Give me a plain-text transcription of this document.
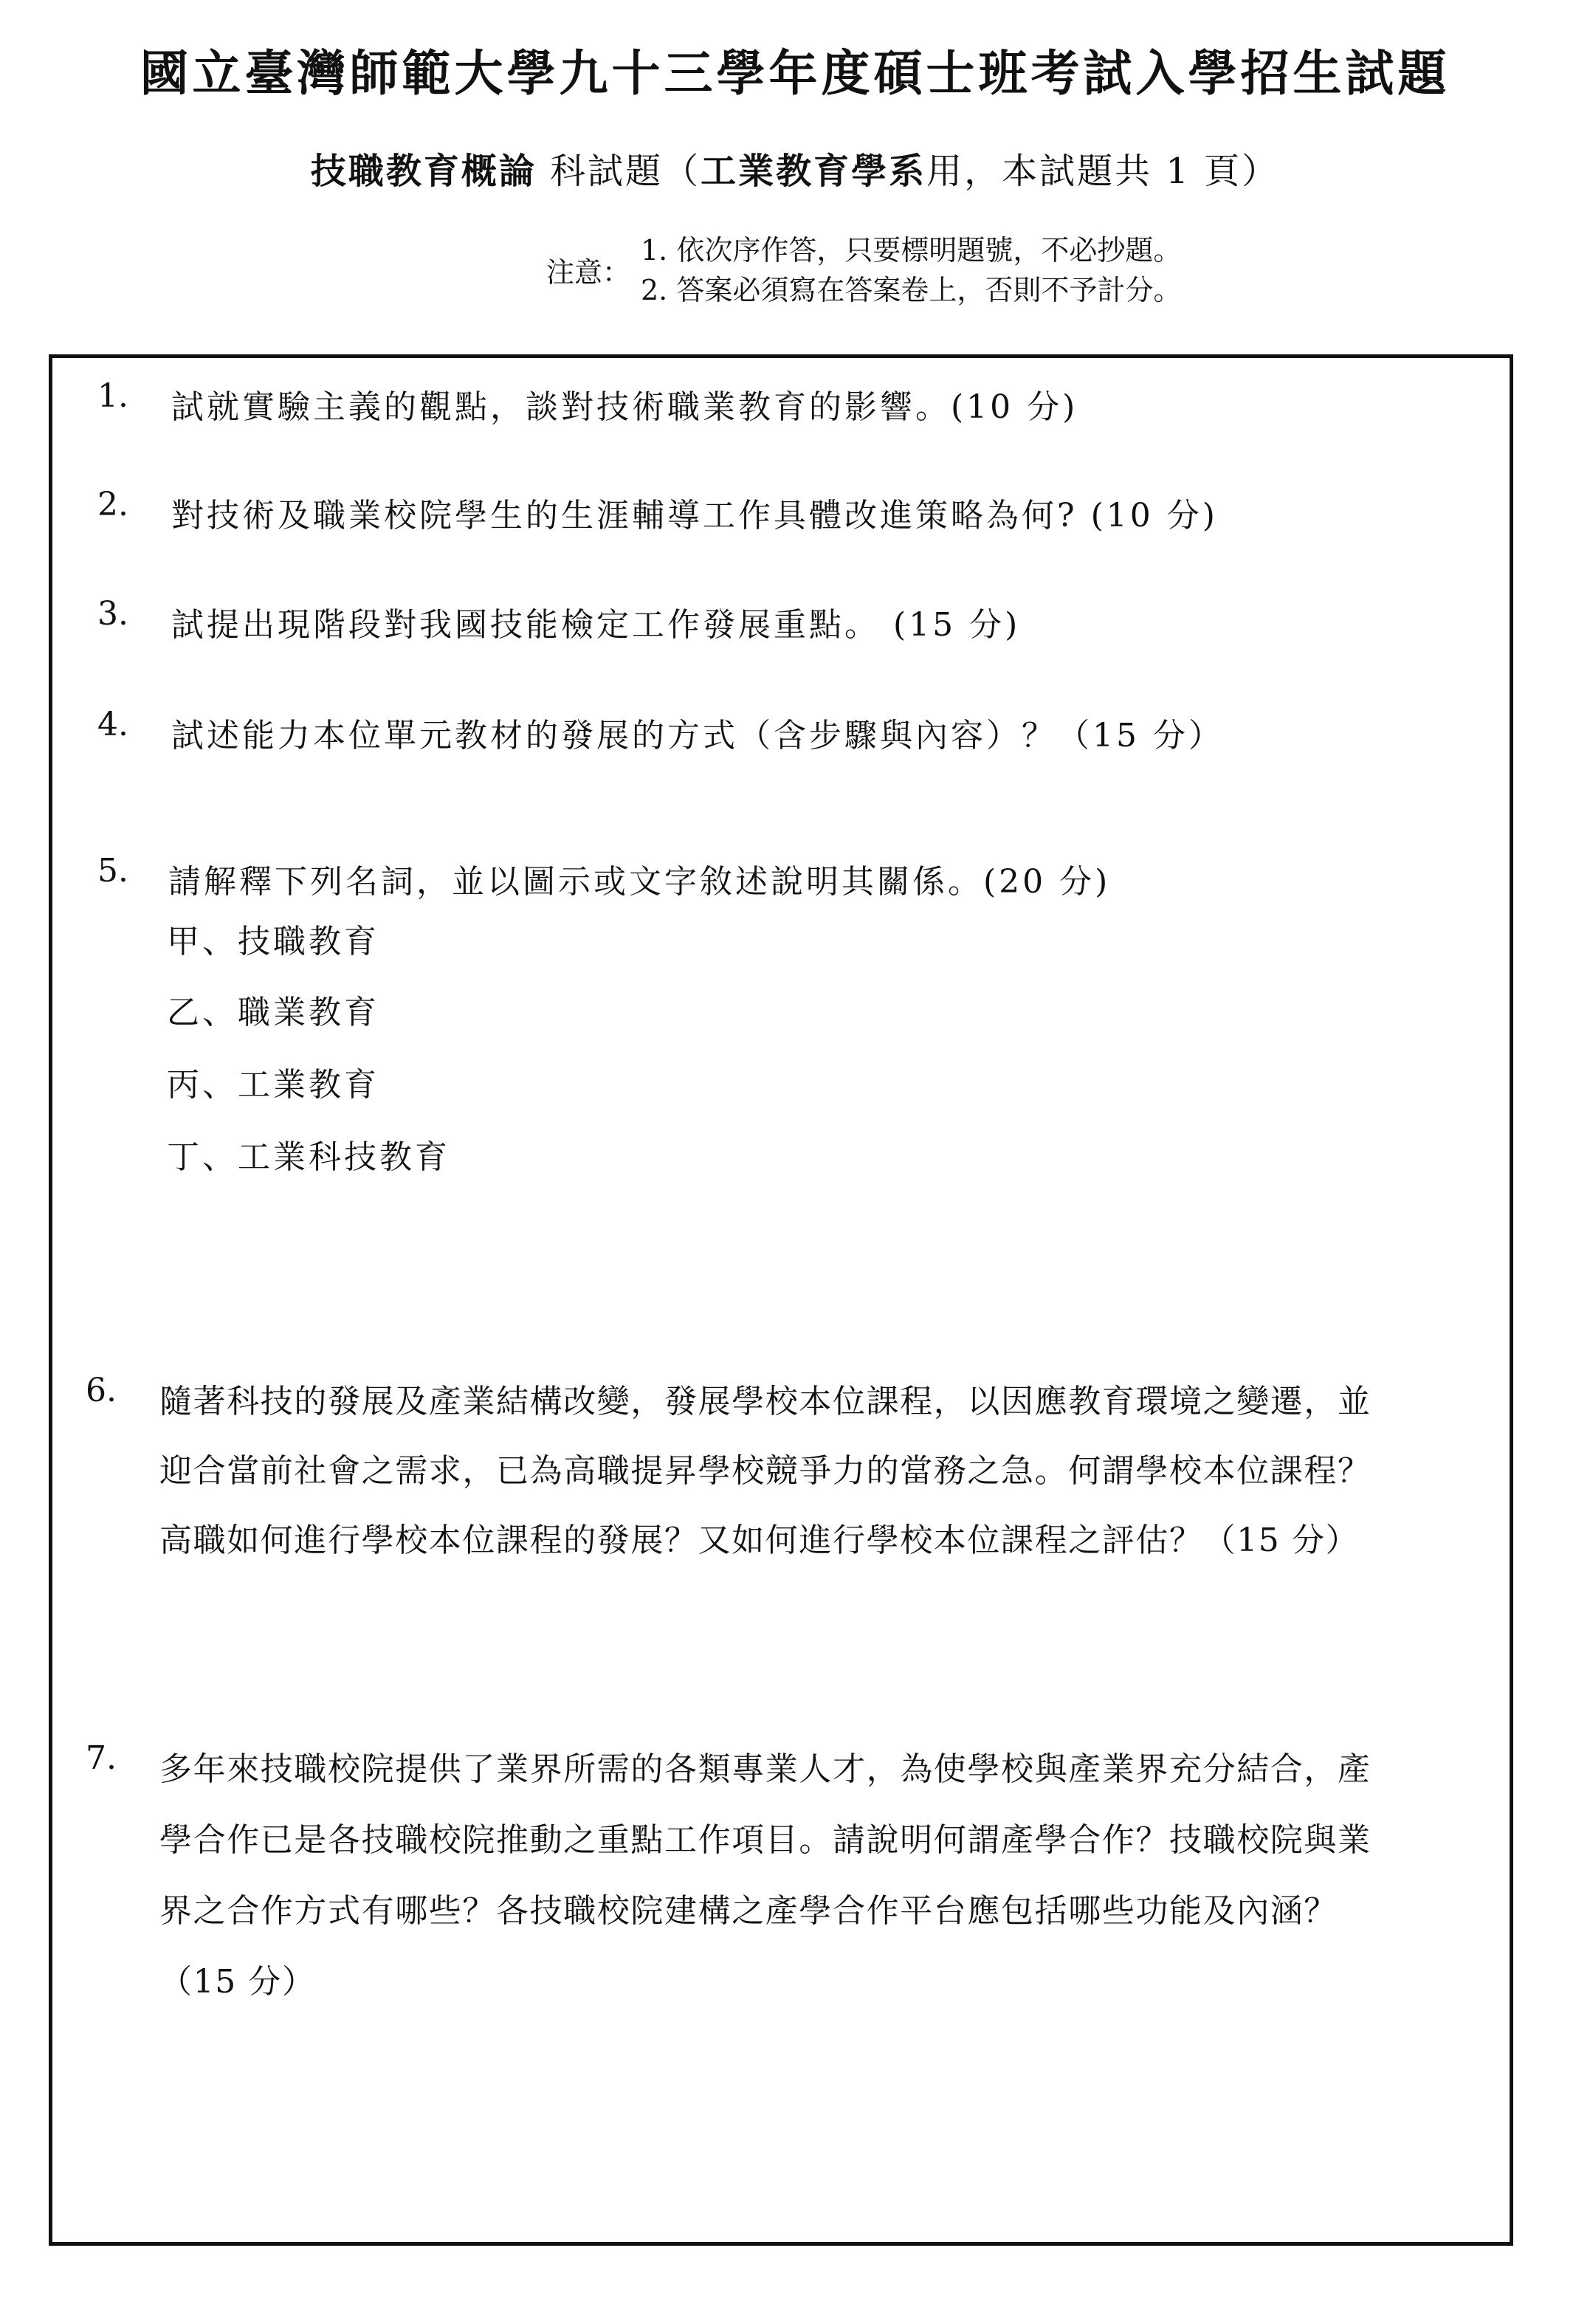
國立臺灣師範大學九十三學年度碩士班考試入學招生試題
技職教育概論 科試題（工業教育學系用，本試題共 1 頁）
注意：
1. 依次序作答，只要標明題號，不必抄題。
2. 答案必須寫在答案卷上，否則不予計分。
1. 試就實驗主義的觀點，談對技術職業教育的影響。(10 分)
2. 對技術及職業校院學生的生涯輔導工作具體改進策略為何? (10 分)
3. 試提出現階段對我國技能檢定工作發展重點。 (15 分)
4. 試述能力本位單元教材的發展的方式（含步驟與內容）？（15 分）
5. 請解釋下列名詞，並以圖示或文字敘述說明其關係。(20 分)
甲、技職教育
乙、職業教育
丙、工業教育
丁、工業科技教育
6. 隨著科技的發展及產業結構改變，發展學校本位課程，以因應教育環境之變遷，並
迎合當前社會之需求，已為高職提昇學校競爭力的當務之急。何謂學校本位課程？
高職如何進行學校本位課程的發展？又如何進行學校本位課程之評估？（15 分）
7. 多年來技職校院提供了業界所需的各類專業人才，為使學校與產業界充分結合，產
學合作已是各技職校院推動之重點工作項目。請說明何謂產學合作？技職校院與業
界之合作方式有哪些？各技職校院建構之產學合作平台應包括哪些功能及內涵？
（15 分）
